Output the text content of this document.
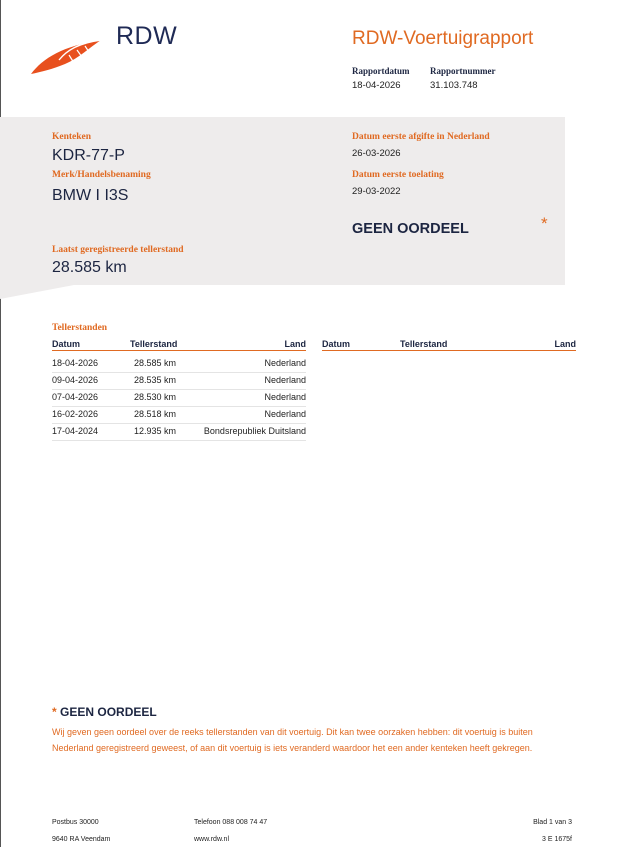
RDW	RDW-Voertuigrapport
Rapportdatum
18-04-2026
Rapportnummer
31.103.748
Kenteken
KDR-77-P
Merk/Handelsbenaming
BMW I I3S
Laatst geregistreerde tellerstand
28.585 km
Datum eerste afgifte in Nederland
26-03-2026
Datum eerste toelating
29-03-2022
GEEN OORDEEL	*
Tellerstanden
Datum	Tellerstand	Land Datum	Tellerstand	Land
18-04-2026	28.585 km	Nederland
09-04-2026	28.535 km	Nederland
07-04-2026	28.530 km	Nederland
16-02-2026	28.518 km	Nederland
17-04-2024	12.935 km	Bondsrepubliek Duitsland
* GEEN OORDEEL
Wij geven geen oordeel over de reeks tellerstanden van dit voertuig. Dit kan twee oorzaken hebben: dit voertuig is buiten Nederland geregistreerd geweest, of aan dit voertuig is iets veranderd waardoor het een ander kenteken heeft gekregen.
Postbus 30000
9640 RA Veendam
Telefoon 088 008 74 47
www.rdw.nl
Blad 1 van 3
3 E 1675f
